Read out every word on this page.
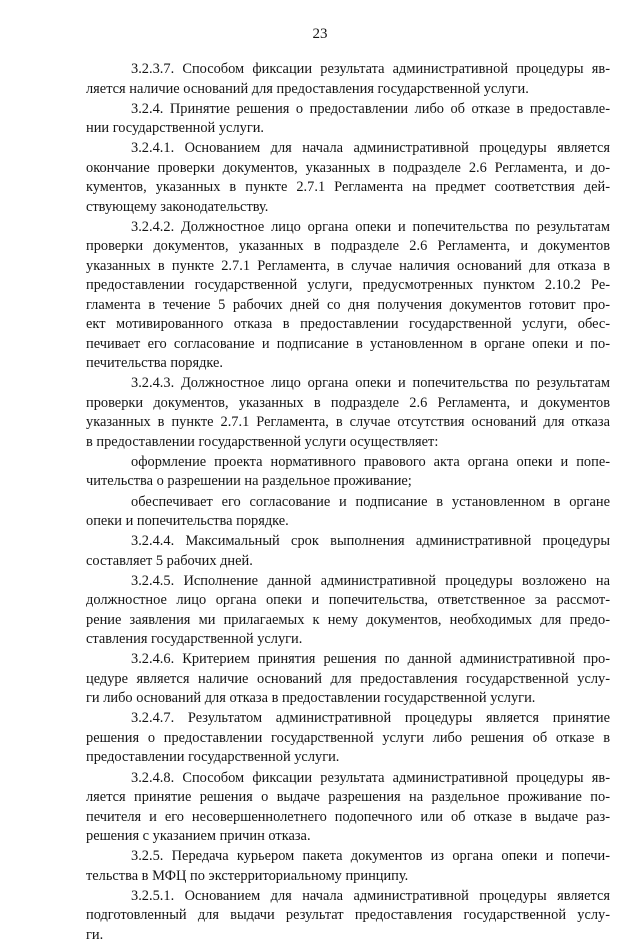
23
3.2.3.7. Способом фиксации результата административной процедуры яв-
ляется наличие оснований для предоставления государственной услуги.
3.2.4. Принятие решения о предоставлении либо об отказе в предоставле-
нии государственной услуги.
3.2.4.1. Основанием для начала административной процедуры является
окончание проверки документов, указанных в подразделе 2.6 Регламента, и до-
кументов, указанных в пункте 2.7.1 Регламента на предмет соответствия дей-
ствующему законодательству.
3.2.4.2. Должностное лицо органа опеки и попечительства по результатам
проверки документов, указанных в подразделе 2.6 Регламента, и документов
указанных в пункте 2.7.1 Регламента, в случае наличия оснований для отказа в
предоставлении государственной услуги, предусмотренных пунктом 2.10.2 Ре-
гламента в течение 5 рабочих дней со дня получения документов готовит про-
ект мотивированного отказа в предоставлении государственной услуги, обес-
печивает его согласование и подписание в установленном в органе опеки и по-
печительства порядке.
3.2.4.3. Должностное лицо органа опеки и попечительства по результатам
проверки документов, указанных в подразделе 2.6 Регламента, и документов
указанных в пункте 2.7.1 Регламента, в случае отсутствия оснований для отказа
в предоставлении государственной услуги осуществляет:
оформление проекта нормативного правового акта органа опеки и попе-
чительства о разрешении на раздельное проживание;
обеспечивает его согласование и подписание в установленном в органе
опеки и попечительства порядке.
3.2.4.4. Максимальный срок выполнения административной процедуры
составляет 5 рабочих дней.
3.2.4.5. Исполнение данной административной процедуры возложено на
должностное лицо органа опеки и попечительства, ответственное за рассмот-
рение заявления ми прилагаемых к нему документов, необходимых для предо-
ставления государственной услуги.
3.2.4.6. Критерием принятия решения по данной административной про-
цедуре является наличие оснований для предоставления государственной услу-
ги либо оснований для отказа в предоставлении государственной услуги.
3.2.4.7. Результатом административной процедуры является принятие
решения о предоставлении государственной услуги либо решения об отказе в
предоставлении государственной услуги.
3.2.4.8. Способом фиксации результата административной процедуры яв-
ляется принятие решения о выдаче разрешения на раздельное проживание по-
печителя и его несовершеннолетнего подопечного или об отказе в выдаче раз-
решения с указанием причин отказа.
3.2.5. Передача курьером пакета документов из органа опеки и попечи-
тельства в МФЦ по экстерриториальному принципу.
3.2.5.1. Основанием для начала административной процедуры является
подготовленный для выдачи результат предоставления государственной услу-
ги.
